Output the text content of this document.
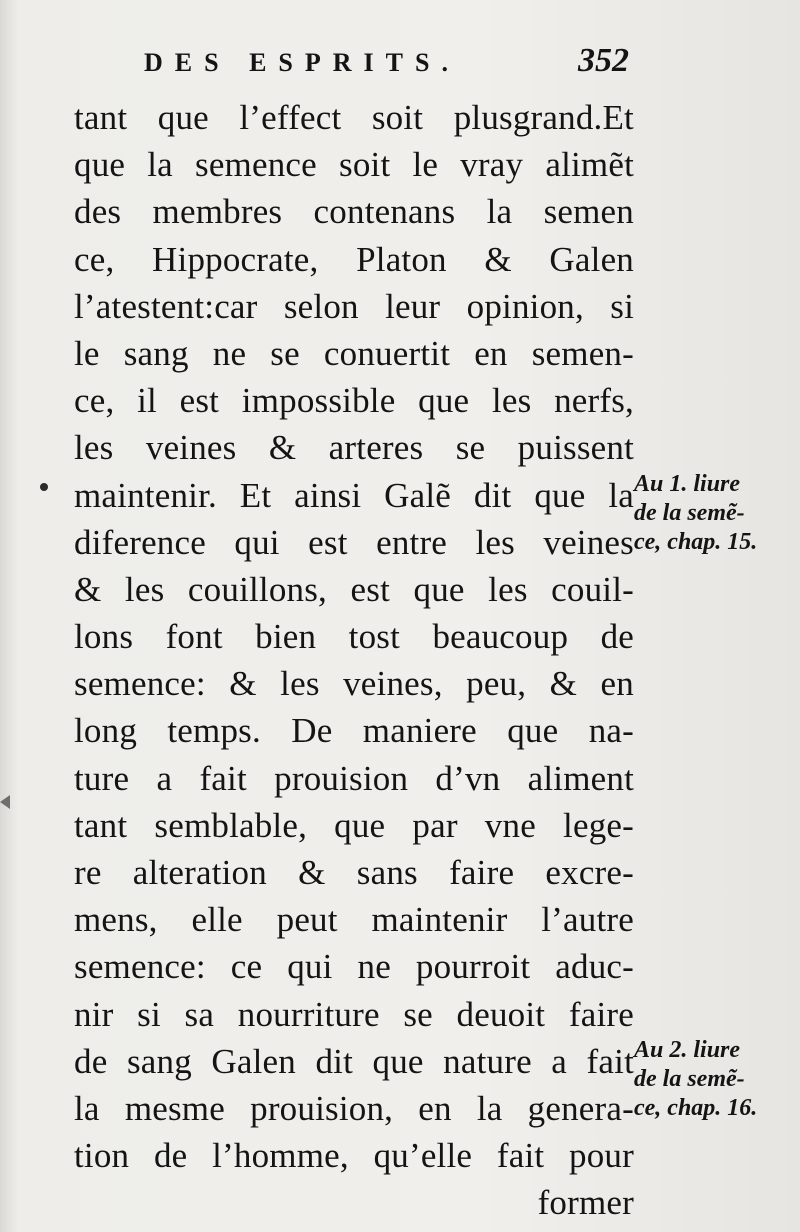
DES ESPRITS.	352
tant que l’effect soit plusgrand.Et
que la semence soit le vray alimẽt
des membres contenans la semen
ce, Hippocrate, Platon & Galen
l’atestent:car selon leur opinion, si
le sang ne se conuertit en semen-
ce, il est impossible que les nerfs,
les veines & arteres se puissent
maintenir. Et ainsi Galẽ dit que la
diference qui est entre les veines
& les couillons, est que les couil-
lons font bien tost beaucoup de
semence: & les veines, peu, & en
long temps. De maniere que na-
ture a fait prouision d’vn aliment
tant semblable, que par vne lege-
re alteration & sans faire excre-
mens, elle peut maintenir l’autre
semence: ce qui ne pourroit aduc-
nir si sa nourriture se deuoit faire
de sang Galen dit que nature a fait
la mesme prouision, en la genera-
tion de l’homme, qu’elle fait pour
former
Au 1. liure
de la semẽ-
ce, chap. 15.
Au 2. liure
de la semẽ-
ce, chap. 16.
